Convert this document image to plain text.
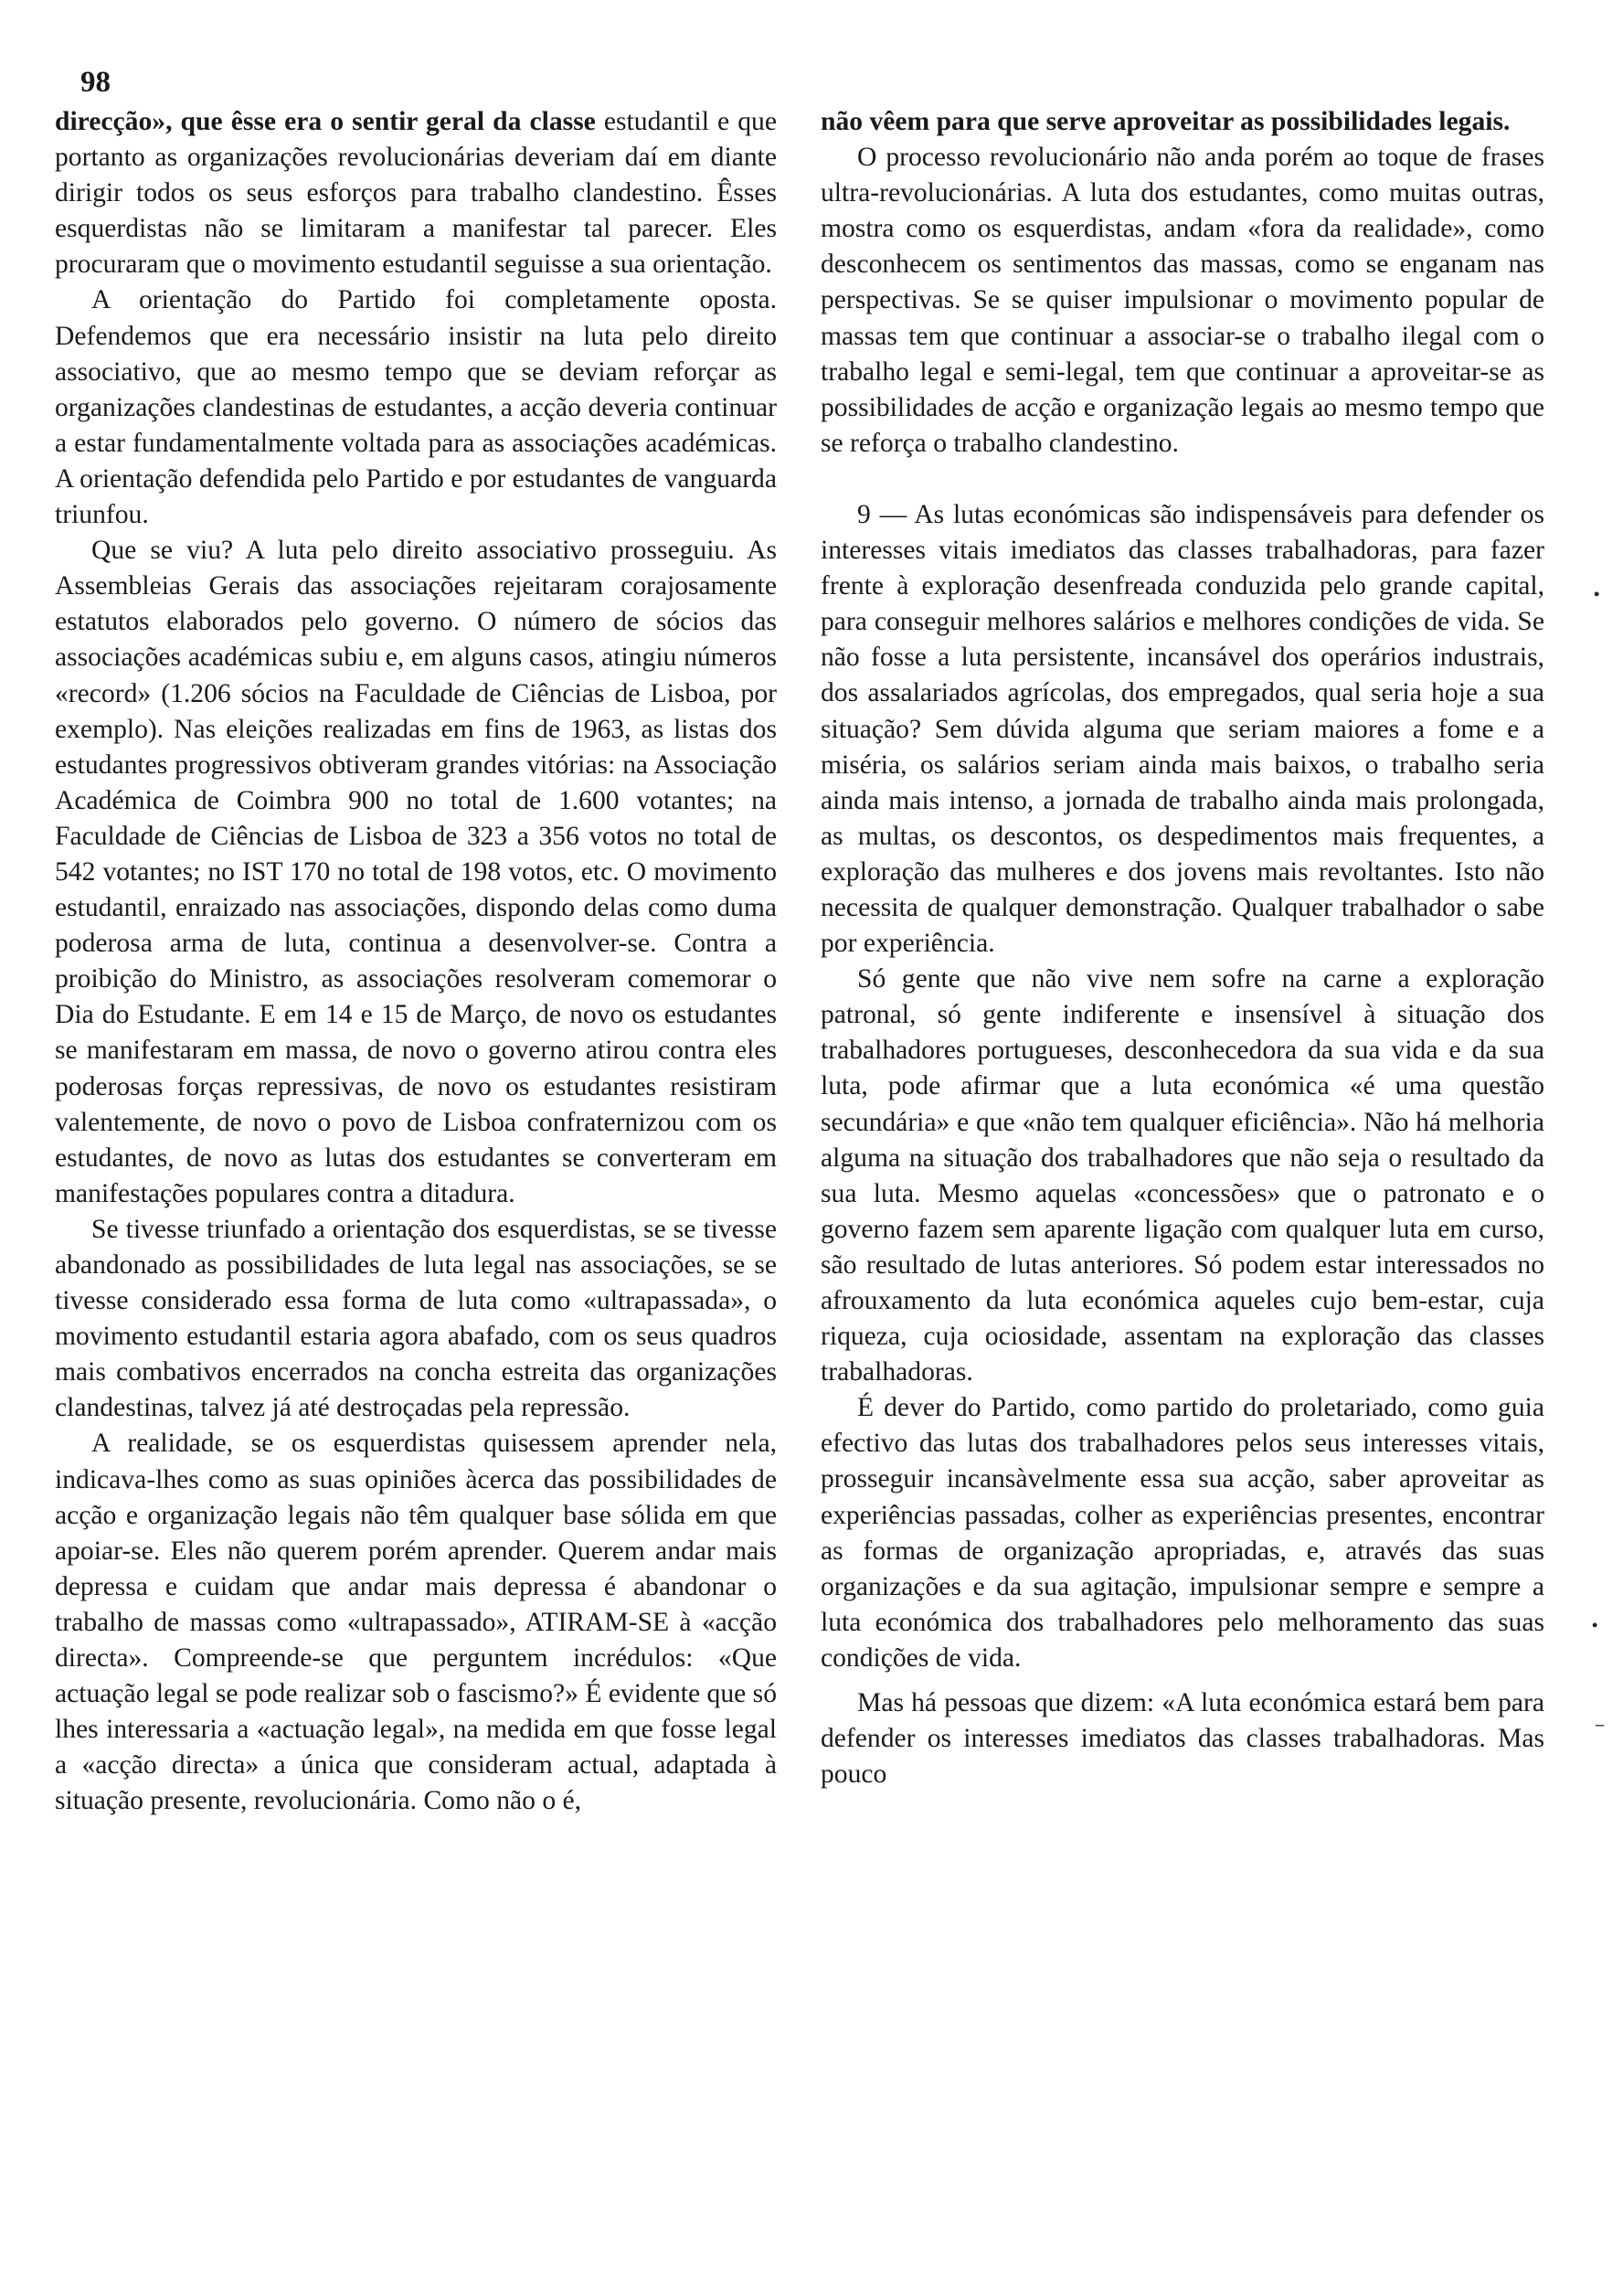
98

direcção», que êsse era o sentir geral da classe estudantil e que portanto as organizações revolucionárias deveriam daí em diante dirigir todos os seus esforços para trabalho clandestino. Êsses esquerdistas não se limitaram a manifestar tal parecer. Eles procuraram que o movimento estudantil seguisse a sua orientação.

A orientação do Partido foi completamente oposta. Defendemos que era necessário insistir na luta pelo direito associativo, que ao mesmo tempo que se deviam reforçar as organizações clandestinas de estudantes, a acção deveria continuar a estar fundamentalmente voltada para as associações académicas. A orientação defendida pelo Partido e por estudantes de vanguarda triunfou.

Que se viu? A luta pelo direito associativo prosseguiu. As Assembleias Gerais das associações rejeitaram corajosamente estatutos elaborados pelo governo. O número de sócios das associações académicas subiu e, em alguns casos, atingiu números «record» (1.206 sócios na Faculdade de Ciências de Lisboa, por exemplo). Nas eleições realizadas em fins de 1963, as listas dos estudantes progressivos obtiveram grandes vitórias: na Associação Académica de Coimbra 900 no total de 1.600 votantes; na Faculdade de Ciências de Lisboa de 323 a 356 votos no total de 542 votantes; no IST 170 no total de 198 votos, etc. O movimento estudantil, enraizado nas associações, dispondo delas como duma poderosa arma de luta, continua a desenvolver-se. Contra a proibição do Ministro, as associações resolveram comemorar o Dia do Estudante. E em 14 e 15 de Março, de novo os estudantes se manifestaram em massa, de novo o governo atirou contra eles poderosas forças repressivas, de novo os estudantes resistiram valentemente, de novo o povo de Lisboa confraternizou com os estudantes, de novo as lutas dos estudantes se converteram em manifestações populares contra a ditadura.

Se tivesse triunfado a orientação dos esquerdistas, se se tivesse abandonado as possibilidades de luta legal nas associações, se se tivesse considerado essa forma de luta como «ultrapassada», o movimento estudantil estaria agora abafado, com os seus quadros mais combativos encerrados na concha estreita das organizações clandestinas, talvez já até destroçadas pela repressão.

A realidade, se os esquerdistas quisessem aprender nela, indicava-lhes como as suas opiniões àcerca das possibilidades de acção e organização legais não têm qualquer base sólida em que apoiar-se. Eles não querem porém aprender. Querem andar mais depressa e cuidam que andar mais depressa é abandonar o trabalho de massas como «ultrapassado», ATIRAM-SE à «acção directa». Compreende-se que perguntem incrédulos: «Que actuação legal se pode realizar sob o fascismo?» É evidente que só lhes interessaria a «actuação legal», na medida em que fosse legal a «acção directa» a única que consideram actual, adaptada à situação presente, revolucionária. Como não o é,

não vêem para que serve aproveitar as possibilidades legais.

O processo revolucionário não anda porém ao toque de frases ultra-revolucionárias. A luta dos estudantes, como muitas outras, mostra como os esquerdistas, andam «fora da realidade», como desconhecem os sentimentos das massas, como se enganam nas perspectivas. Se se quiser impulsionar o movimento popular de massas tem que continuar a associar-se o trabalho ilegal com o trabalho legal e semi-legal, tem que continuar a aproveitar-se as possibilidades de acção e organização legais ao mesmo tempo que se reforça o trabalho clandestino.

9 — As lutas económicas são indispensáveis para defender os interesses vitais imediatos das classes trabalhadoras, para fazer frente à exploração desenfreada conduzida pelo grande capital, para conseguir melhores salários e melhores condições de vida. Se não fosse a luta persistente, incansável dos operários industrais, dos assalariados agrícolas, dos empregados, qual seria hoje a sua situação? Sem dúvida alguma que seriam maiores a fome e a miséria, os salários seriam ainda mais baixos, o trabalho seria ainda mais intenso, a jornada de trabalho ainda mais prolongada, as multas, os descontos, os despedimentos mais frequentes, a exploração das mulheres e dos jovens mais revoltantes. Isto não necessita de qualquer demonstração. Qualquer trabalhador o sabe por experiência.

Só gente que não vive nem sofre na carne a exploração patronal, só gente indiferente e insensível à situação dos trabalhadores portugueses, desconhecedora da sua vida e da sua luta, pode afirmar que a luta económica «é uma questão secundária» e que «não tem qualquer eficiência». Não há melhoria alguma na situação dos trabalhadores que não seja o resultado da sua luta. Mesmo aquelas «concessões» que o patronato e o governo fazem sem aparente ligação com qualquer luta em curso, são resultado de lutas anteriores. Só podem estar interessados no afrouxamento da luta económica aqueles cujo bem-estar, cuja riqueza, cuja ociosidade, assentam na exploração das classes trabalhadoras.

É dever do Partido, como partido do proletariado, como guia efectivo das lutas dos trabalhadores pelos seus interesses vitais, prosseguir incansàvelmente essa sua acção, saber aproveitar as experiências passadas, colher as experiências presentes, encontrar as formas de organização apropriadas, e, através das suas organizações e da sua agitação, impulsionar sempre e sempre a luta económica dos trabalhadores pelo melhoramento das suas condições de vida.

Mas há pessoas que dizem: «A luta económica estará bem para defender os interesses imediatos das classes trabalhadoras. Mas pouco

•
•
–
